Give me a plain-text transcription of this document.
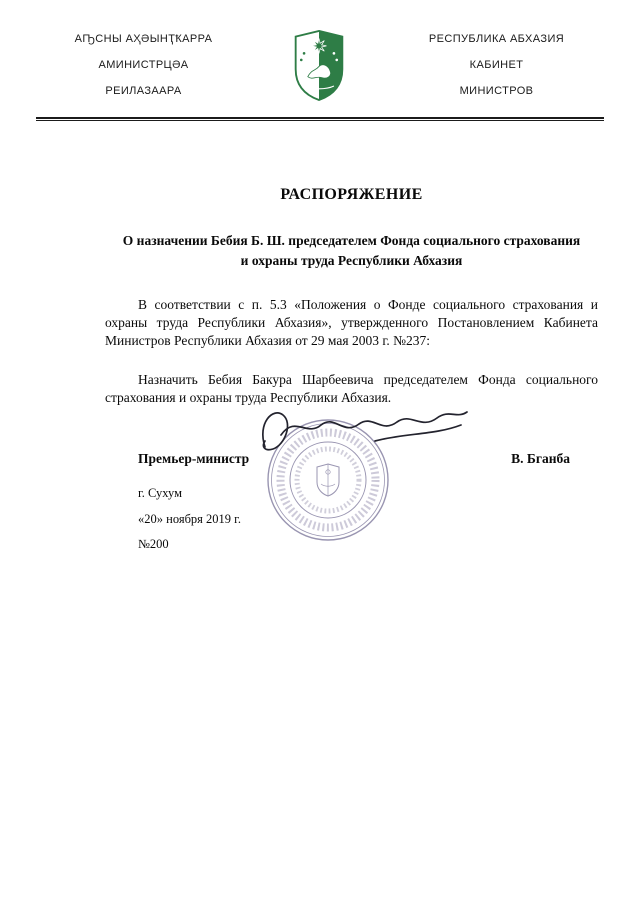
АҦСНЫ АҲӘЫНҬҞАРРА
АМИНИСТРЦӘА
РЕИЛАЗААРА
РЕСПУБЛИКА АБХАЗИЯ
КАБИНЕТ
МИНИСТРОВ
РАСПОРЯЖЕНИЕ
О назначении Бебия Б. Ш. председателем Фонда социального страхования и охраны труда Республики Абхазия

В соответствии с п. 5.3 «Положения о Фонде социального страхования и охраны труда Республики Абхазия», утвержденного Постановлением Кабинета Министров Республики Абхазия от 29 мая 2003 г. №237:

Назначить Бебия Бакура Шарбеевича председателем Фонда социального страхования и охраны труда Республики Абхазия.

Премьер-министр	В. Бганба
г. Сухум
«20» ноября 2019 г.
№200
